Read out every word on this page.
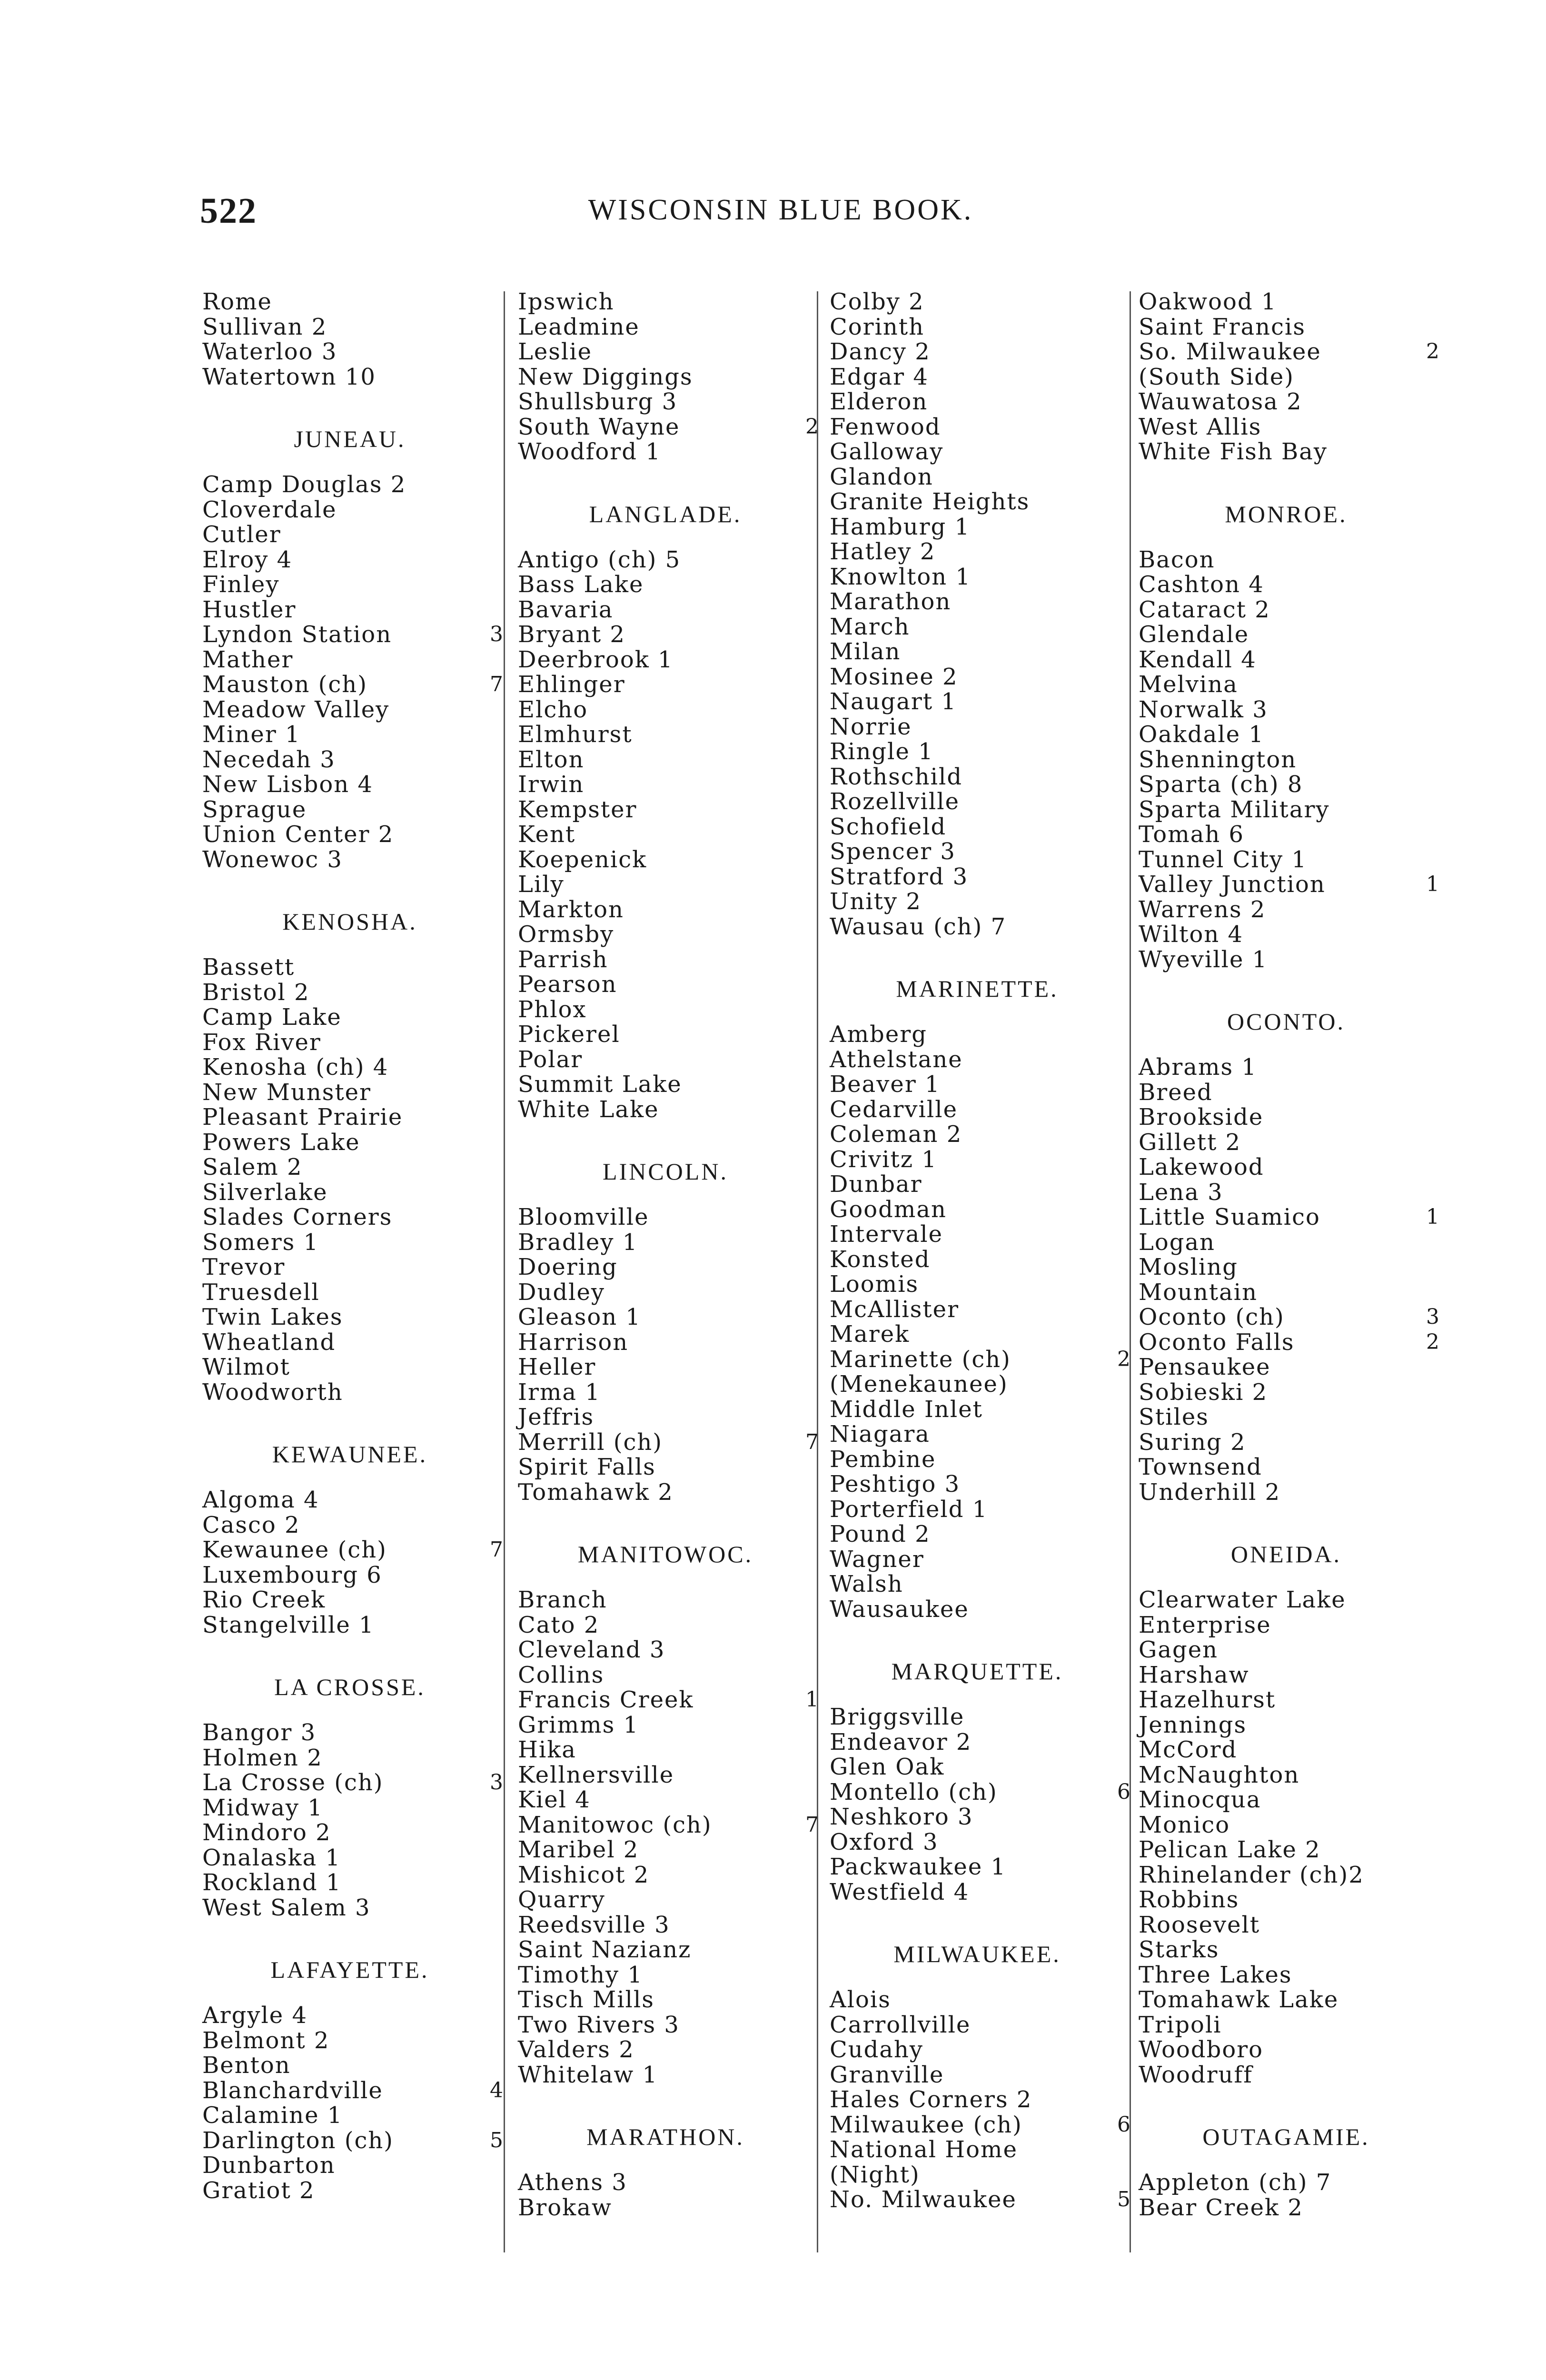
522	WISCONSIN BLUE BOOK.
Rome
Sullivan 2
Waterloo 3
Watertown 10
JUNEAU.
Camp Douglas 2
Cloverdale
Cutler
Elroy 4
Finley
Hustler
Lyndon Station	3
Mather
Mauston (ch)	7
Meadow Valley
Miner 1
Necedah 3
New Lisbon 4
Sprague
Union Center 2
Wonewoc 3
KENOSHA.
Bassett
Bristol 2
Camp Lake
Fox River
Kenosha (ch) 4
New Munster
Pleasant Prairie
Powers Lake
Salem 2
Silverlake
Slades Corners
Somers 1
Trevor
Truesdell
Twin Lakes
Wheatland
Wilmot
Woodworth
KEWAUNEE.
Algoma 4
Casco 2
Kewaunee (ch)	7
Luxembourg 6
Rio Creek
Stangelville 1
LA CROSSE.
Bangor 3
Holmen 2
La Crosse (ch)	3
Midway 1
Mindoro 2
Onalaska 1
Rockland 1
West Salem 3
LAFAYETTE.
Argyle 4
Belmont 2
Benton
Blanchardville	4
Calamine 1
Darlington (ch)	5
Dunbarton
Gratiot 2
Ipswich
Leadmine
Leslie
New Diggings
Shullsburg 3
South Wayne	2
Woodford 1
LANGLADE.
Antigo (ch) 5
Bass Lake
Bavaria
Bryant 2
Deerbrook 1
Ehlinger
Elcho
Elmhurst
Elton
Irwin
Kempster
Kent
Koepenick
Lily
Markton
Ormsby
Parrish
Pearson
Phlox
Pickerel
Polar
Summit Lake
White Lake
LINCOLN.
Bloomville
Bradley 1
Doering
Dudley
Gleason 1
Harrison
Heller
Irma 1
Jeffris
Merrill (ch)	7
Spirit Falls
Tomahawk 2
MANITOWOC.
Branch
Cato 2
Cleveland 3
Collins
Francis Creek	1
Grimms 1
Hika
Kellnersville
Kiel 4
Manitowoc (ch)	7
Maribel 2
Mishicot 2
Quarry
Reedsville 3
Saint Nazianz
Timothy 1
Tisch Mills
Two Rivers 3
Valders 2
Whitelaw 1
MARATHON.
Athens 3
Brokaw
Colby 2
Corinth
Dancy 2
Edgar 4
Elderon
Fenwood
Galloway
Glandon
Granite Heights
Hamburg 1
Hatley 2
Knowlton 1
Marathon
March
Milan
Mosinee 2
Naugart 1
Norrie
Ringle 1
Rothschild
Rozellville
Schofield
Spencer 3
Stratford 3
Unity 2
Wausau (ch) 7
MARINETTE.
Amberg
Athelstane
Beaver 1
Cedarville
Coleman 2
Crivitz 1
Dunbar
Goodman
Intervale
Konsted
Loomis
McAllister
Marek
Marinette (ch)	2
(Menekaunee)
Middle Inlet
Niagara
Pembine
Peshtigo 3
Porterfield 1
Pound 2
Wagner
Walsh
Wausaukee
MARQUETTE.
Briggsville
Endeavor 2
Glen Oak
Montello (ch)	6
Neshkoro 3
Oxford 3
Packwaukee 1
Westfield 4
MILWAUKEE.
Alois
Carrollville
Cudahy
Granville
Hales Corners 2
Milwaukee (ch)	6
National Home
(Night)
No. Milwaukee	5
Oakwood 1
Saint Francis
So. Milwaukee	2
(South Side)
Wauwatosa 2
West Allis
White Fish Bay
MONROE.
Bacon
Cashton 4
Cataract 2
Glendale
Kendall 4
Melvina
Norwalk 3
Oakdale 1
Shennington
Sparta (ch) 8
Sparta Military
Tomah 6
Tunnel City 1
Valley Junction	1
Warrens 2
Wilton 4
Wyeville 1
OCONTO.
Abrams 1
Breed
Brookside
Gillett 2
Lakewood
Lena 3
Little Suamico	1
Logan
Mosling
Mountain
Oconto (ch)	3
Oconto Falls	2
Pensaukee
Sobieski 2
Stiles
Suring 2
Townsend
Underhill 2
ONEIDA.
Clearwater Lake
Enterprise
Gagen
Harshaw
Hazelhurst
Jennings
McCord
McNaughton
Minocqua
Monico
Pelican Lake 2
Rhinelander (ch)2
Robbins
Roosevelt
Starks
Three Lakes
Tomahawk Lake
Tripoli
Woodboro
Woodruff
OUTAGAMIE.
Appleton (ch) 7
Bear Creek 2
